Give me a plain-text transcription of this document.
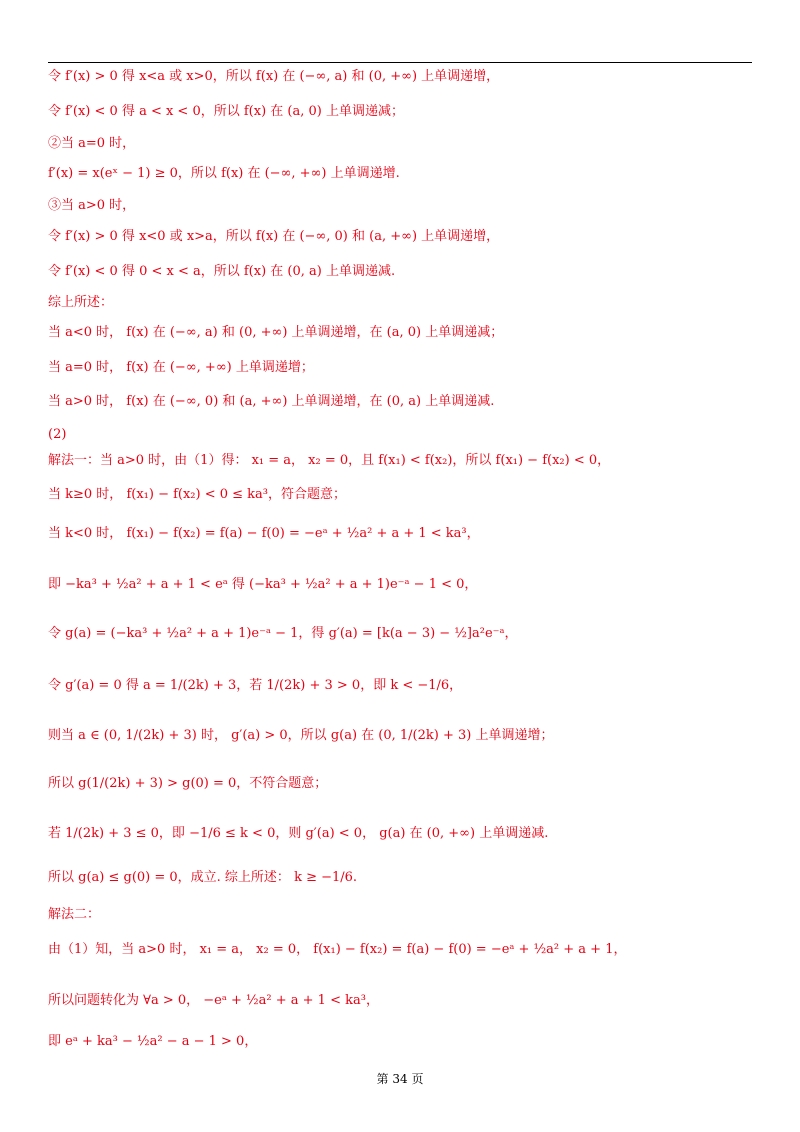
令 f′(x) > 0 得 x<a 或 x>0，所以 f(x) 在 (−∞, a) 和 (0, +∞) 上单调递增，
令 f′(x) < 0 得 a < x < 0，所以 f(x) 在 (a, 0) 上单调递减；
②当 a=0 时，
f′(x) = x(eˣ − 1) ≥ 0，所以 f(x) 在 (−∞, +∞) 上单调递增.
③当 a>0 时，
令 f′(x) > 0 得 x<0 或 x>a，所以 f(x) 在 (−∞, 0) 和 (a, +∞) 上单调递增，
令 f′(x) < 0 得 0 < x < a，所以 f(x) 在 (0, a) 上单调递减.
综上所述：
当 a<0 时， f(x) 在 (−∞, a) 和 (0, +∞) 上单调递增，在 (a, 0) 上单调递减；
当 a=0 时， f(x) 在 (−∞, +∞) 上单调递增；
当 a>0 时， f(x) 在 (−∞, 0) 和 (a, +∞) 上单调递增，在 (0, a) 上单调递减.
(2)
解法一：当 a>0 时，由（1）得： x₁ = a， x₂ = 0，且 f(x₁) < f(x₂)，所以 f(x₁) − f(x₂) < 0，
当 k≥0 时， f(x₁) − f(x₂) < 0 ≤ ka³，符合题意；
当 k<0 时， f(x₁) − f(x₂) = f(a) − f(0) = −eᵃ + ½a² + a + 1 < ka³，
即 −ka³ + ½a² + a + 1 < eᵃ 得 (−ka³ + ½a² + a + 1)e⁻ᵃ − 1 < 0，
令 g(a) = (−ka³ + ½a² + a + 1)e⁻ᵃ − 1，得 g′(a) = [k(a − 3) − ½]a²e⁻ᵃ，
令 g′(a) = 0 得 a = 1/(2k) + 3，若 1/(2k) + 3 > 0，即 k < −1/6，
则当 a ∈ (0, 1/(2k) + 3) 时， g′(a) > 0，所以 g(a) 在 (0, 1/(2k) + 3) 上单调递增；
所以 g(1/(2k) + 3) > g(0) = 0，不符合题意；
若 1/(2k) + 3 ≤ 0，即 −1/6 ≤ k < 0，则 g′(a) < 0， g(a) 在 (0, +∞) 上单调递减.
所以 g(a) ≤ g(0) = 0，成立. 综上所述： k ≥ −1/6.
解法二：
由（1）知，当 a>0 时， x₁ = a， x₂ = 0， f(x₁) − f(x₂) = f(a) − f(0) = −eᵃ + ½a² + a + 1，
所以问题转化为 ∀a > 0， −eᵃ + ½a² + a + 1 < ka³，
即 eᵃ + ka³ − ½a² − a − 1 > 0，
第 34 页
